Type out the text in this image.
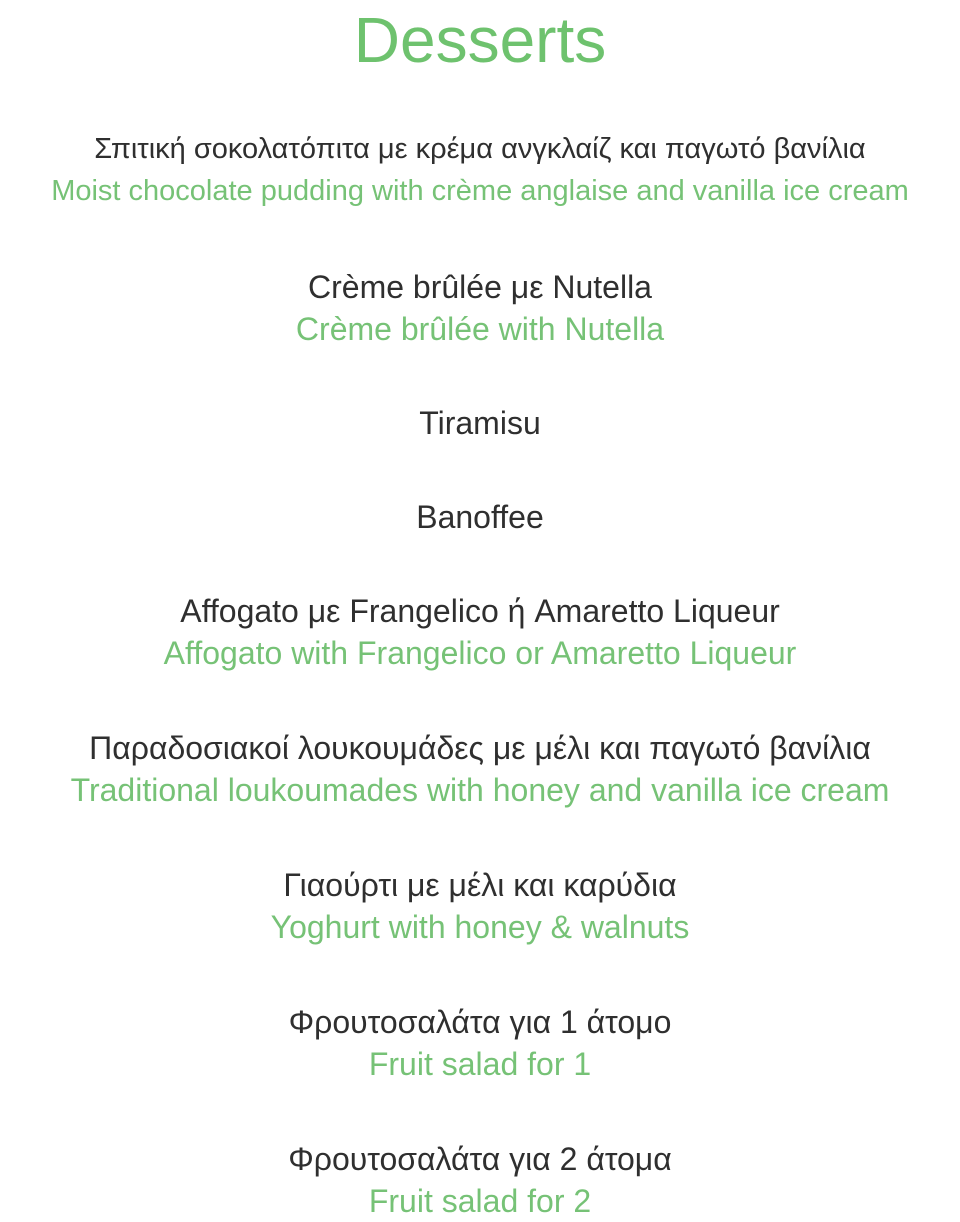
Desserts
Σπιτική σοκολατόπιτα με κρέμα ανγκλαίζ και παγωτό βανίλια
Moist chocolate pudding with crème anglaise and vanilla ice cream
Crème brûlée με Nutella
Crème brûlée with Nutella
Tiramisu
Banoffee
Affogato με Frangelico ή Amaretto Liqueur
Affogato with Frangelico or Amaretto Liqueur
Παραδοσιακοί λουκουμάδες με μέλι και παγωτό βανίλια
Traditional loukoumades with honey and vanilla ice cream
Γιαούρτι με μέλι και καρύδια
Yoghurt with honey & walnuts
Φρουτοσαλάτα για 1 άτομο
Fruit salad for 1
Φρουτοσαλάτα για 2 άτομα
Fruit salad for 2
